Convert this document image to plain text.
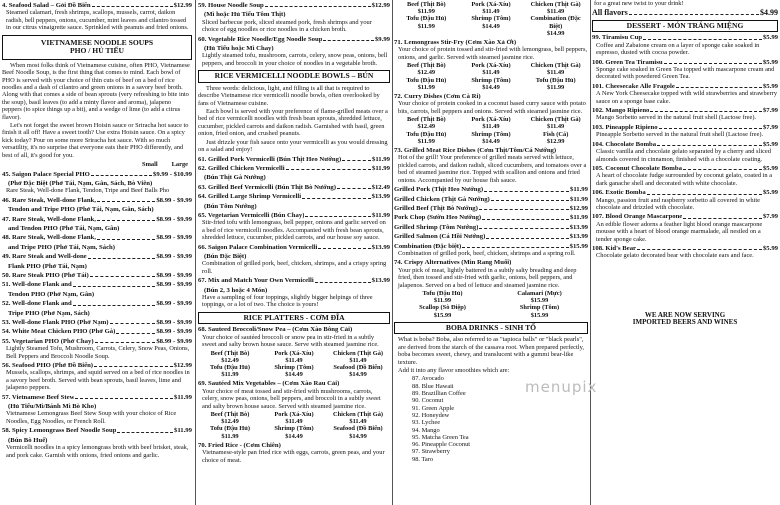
4. Seafood Salad – Gỏi Đồ Biển	$12.99
Steamed calamari, fresh shrimps, scallops, mussels, carrot, daikon radish, bell peppers, onions, cucumber, mint leaves and cilantro tossed in our citrus vinaigrette sauce. Sprinkled with peanuts and fried onions.
VIETNAMESE NOODLE SOUPS
PHO / HỦ TIẾU
When most folks think of Vietnamese cuisine, often PHO, Vietnamese Beef Noodle Soup, is the first thing that comes to mind. Each bowl of PHO is served with your choice of thin cuts of beef on a bed of rice noodles and a dash of cilantro and green onions in a savory beef broth. Along with that comes a side of bean sprouts (very refreshing to bite into the soup), basil leaves (to add a minty flavor and aroma), jalapeno peppers (to spice things up a bit), and a wedge of lime (to add a citrus flavor).
Let's not forget the sweet brown Hoisin sauce or Sriracha hot sauce to finish it all off! Have a sweet tooth? Use extra Hoisin sauce. On a spicy kick today? Pour on some more Sriracha hot sauce. With so much versatility, it's no surprise that everyone eats their PHO differently, and best of all, it's good for you.
Small Large
45. Saigon Palace Special PHO	$9.99 - $10.99
(Phở Đặc Biệt (Phở Tái, Nạm, Gân, Sách, Bò Viên)
Rare Steak, Well-done Flank, Tendon, Tripe and Beef Balls Pho
46. Rare Steak, Well-done Flank,	$8.99 - $9.99
Tendon and Tripe PHO (Phở Tái, Nạm, Gân, Sách)
47. Rare Steak, Well-done Flank,	$8.99 - $9.99
and Tendon PHO (Phở Tái, Nạm, Gân)
48. Rare Steak, Well-done Flank,	$8.99 - $9.99
and Tripe PHO (Phở Tái, Nạm, Sách)
49. Rare Steak and Well-done	$8.99 - $9.99
Flank PHO (Phở Tái, Nạm)
50. Rare Steak PHO (Phở Tái)	$8.99 - $9.99
51. Well-done Flank and	$8.99 - $9.99
Tendon PHO (Phở Nạm, Gân)
52. Well-done Flank and	$8.99 - $9.99
Tripe PHO (Phở Nạm, Sách)
53. Well-done Flank PHO (Phở Nạm)	$8.99 - $9.99
54. White Meat Chicken PHO (Phở Gà)	$8.99 - $9.99
55. Vegetarian PHO (Phở Chay)	$8.99 - $9.99
Lightly Steamed Tofu, Mushroom, Carrots, Celery, Snow Peas, Onions, Bell Peppers and Broccoli Noodle Soup.
56. Seafood PHO (Phở Đồ Biển)	$12.99
Mussels, scallops, shrimps, and squid served on a bed of rice noodles in a savory beef broth. Served with bean sprouts, basil leaves, lime and jalapeno peppers.
57. Vietnamese Beef Stew	$11.99
(Hủ Tiếu/Mì/Bánh Mì Bò Kho)
Vietnamese Lemongrass Beef Stew Soup with your choice of Rice Noodles, Egg Noodles, or French Roll.
58. Spicy Lemongrass Beef Noodle Soup	$11.99
(Bún Bò Huế)
Vermicelli noodles in a spicy lemongrass broth with beef brisket, steak, and pork cake. Garnish with onions, fried onions and garlic.
59. House Noodle Soup	$12.99
(Mì hoặc Hủ Tiếu Tôm Thịt)
Sliced barbecue pork, sliced steamed pork, fresh shrimps and your choice of egg noodles or rice noodles in a chicken broth.
60. Vegetable Rice Noodle/Egg Noodle Soup	$9.99
(Hủ Tiếu hoặc Mì Chay)
Lightly steamed tofu, mushroom, carrots, celery, snow peas, onions, bell peppers, and broccoli in your choice of noodles in a vegetable broth.
RICE VERMICELLI NOODLE BOWLS – BÚN
Three words: delicious, light, and filling is all that is required to describe Vietnamese rice vermicelli noodle bowls, often overlooked by fans of Vietnamese cuisine.
Each bowl is served with your preference of flame-grilled meats over a bed of rice vermicelli noodles with fresh bean sprouts, shredded lettuce, cucumber, pickled carrots and daikon radish. Garnished with basil, green onion, fried onion, and crushed peanuts.
Just drizzle your fish sauce onto your vermicelli as you would dressing on a salad and enjoy!
61. Grilled Pork Vermicelli (Bún Thịt Heo Nướng)	$11.99
62. Grilled Chicken Vermicelli	$11.99
(Bún Thịt Gà Nướng)
63. Grilled Beef Vermicelli (Bún Thịt Bò Nướng)	$12.49
64. Grilled Large Shrimp Vermicelli	$13.99
(Bún Tôm Nướng)
65. Vegetarian Vermicelli (Bún Chay)	$11.99
Stir-fried tofu with lemongrass, bell pepper, onions and garlic served on a bed of rice vermicelli noodles. Accompanied with fresh bean sprouts, shredded lettuce, cucumber, pickled carrots, and our house soy sauce.
66. Saigon Palace Combination Vermicelli	$13.99
(Bún Đặc Biệt)
Combination of grilled pork, beef, chicken, shrimps, and a crispy spring roll.
67. Mix and Match Your Own Vermicelli	$13.99
(Bún 2, 3 hoặc 4 Món)
Have a sampling of four toppings, slightly bigger helpings of three toppings, or a lot of two. The choice is yours!
RICE PLATTERS - CƠM ĐĨA
68. Sauteed Broccoli/Snow Pea – (Cơm Xào Bông Cải)
Your choice of sautéed broccoli or snow pea in stir-fried in a subtly sweet and salty brown house sauce. Serve with steamed jasmine rice.
Beef (Thịt Bò)
$12.49
Pork (Xá-Xíu)
$11.49
Chicken (Thịt Gà)
$11.49
Tofu (Đậu Hủ)
$11.99
Shrimp (Tôm)
$14.49
Seafood (Đồ Biển)
$14.99
69. Sautéed Mix Vegetables – (Cơm Xào Rau Cải)
Your choice of meat tossed and stir-fried with mushrooms, carrots, celery, snow peas, onions, bell peppers, and broccoli in a subtly sweet and salty brown house sauce. Served with steamed jasmine rice.
Beef (Thịt Bò)
$12.49
Pork (Xá-Xíu)
$11.49
Chicken (Thịt Gà)
$11.49
Tofu (Đậu Hủ)
$11.99
Shrimp (Tôm)
$14.49
Seafood (Đồ Biển)
$14.99
70. Fried Rice - (Cơm Chiên)
Vietnamese-style pan fried rice with eggs, carrots, green peas, and your choice of meat.
Beef (Thịt Bò)
$11.99
Pork (Xá-Xíu)
$11.49
Chicken (Thịt Gà)
$11.49
Tofu (Đậu Hủ)
$11.99
Shrimp (Tôm)
$14.49
Combination (Đặc Biệt)
$14.99
71. Lemongrass Stir-Fry (Cơm Xào Xả Ớt)
Your choice of protein tossed and stir-fried with lemongrass, bell peppers, onions, and garlic. Served with steamed jasmine rice.
Beef (Thịt Bò)
$12.49
Pork (Xá-Xíu)
$11.49
Chicken (Thịt Gà)
$11.49
Tofu (Đậu Hủ)
$11.99
Shrimp (Tôm)
$14.49
Tofu (Đậu Hủ)
$11.99
72. Curry Dishes (Cơm Cà Ri)
Your choice of protein cooked in a coconut based curry sauce with potato bits, carrots, bell peppers and onions. Served with steamed jasmine rice.
Beef (Thịt Bò)
$12.49
Pork (Xá-Xíu)
$11.49
Chicken (Thịt Gà)
$11.49
Tofu (Đậu Hủ)
$11.99
Shrimp (Tôm)
$14.49
Fish (Cá)
$12.99
73. Grilled Meat Rice Dishes (Cơm Thịt/Tôm/Cá Nướng)
Hot of the grill! Your preference of grilled meats served with lettuce, pickled carrots, and daikon radish, sliced cucumbers, and tomatoes over a bed of steamed jasmine rice. Topped with scallion and onions and fried onions. Accompanied by our house fish sauce.
Grilled Pork (Thịt Heo Nướng)	$11.99
Grilled Chicken (Thịt Gà Nướng)	$11.99
Grilled Beef (Thịt Bò Nướng)	$12.99
Pork Chop (Sườn Heo Nướng)	$11.99
Grilled Shrimp (Tôm Nướng)	$13.99
Grilled Salmon (Cá Hồi Nướng)	$13.99
Combination (Đặc biệt)	$15.99
Combination of grilled pork, beef, chicken, shrimps and a spring roll.
74. Crispy Alternatives (Mìn Rang Muối)
Your pick of meat, lightly battered in a subtly salty breading and deep fried, then tossed and stir-fried with garlic, onions, bell peppers, and jalapenos. Served on a bed of lettuce and steamed jasmine rice.
Tofu (Đậu Hủ)
$11.99
Calamari (Mực)
$15.99
Scallop (Sò Điệp)
$15.99
Shrimp (Tôm)
$15.99
BOBA DRINKS - SINH TỐ
What is boba? Boba, also referred to as "tapioca balls" or "black pearls", are derived from the starch of the cassava root. When prepared perfectly, boba becomes sweet, chewy, and translucent with a gummi bear-like texture.
Add it into any flavor smoothies which are:
87. Avocado
88. Blue Hawaii
89. Brazillian Coffee
90. Coconut
91. Green Apple
92. Honeydew
93. Lychee
94. Mango
95. Matcha Green Tea
96. Pineapple Coconut
97. Strawberry
98. Taro
for a great new twist to your drink!
All flavors	$4.99
DESSERT - MÓN TRÁNG MIỆNG
99. Tiramisu Cup	$5.99
Coffee and Zabaione cream on a layer of sponge cake soaked in espresso, dusted with cocoa powder.
100. Green Tea Tiramisu	$5.99
Sponge cake soaked in Green Tea topped with mascarpone cream and decorated with powdered Green Tea.
101. Cheesecake Alle Fragole	$5.99
A New York Cheesecake topped with wild strawberries and strawberry sauce on a sponge base cake.
102. Mango Ripieno	$7.99
Mango Sorbetto served in the natural fruit shell (Lactose free).
103. Pineapple Ripieno	$7.99
Pineapple Sorbetto served in the natural fruit shell (Lactose free).
104. Chocolate Bomba	$5.99
Classic vanilla and chocolate gelato separated by a cherry and sliced almonds covered in cinnamon, finished with a chocolate coating.
105. Coconut Chocolate Bomba	$5.99
A heart of chocolate fudge surrounded by coconut gelato, coated in a dark ganache shell and decorated with white chocolate.
106. Exotic Bomba	$5.99
Mango, passion fruit and raspberry sorbetto all covered in white chocolate and drizzled with chocolate.
107. Blood Orange Mascarpone	$7.99
An edible flower adorns a feather light blood orange mascarpone mousse with a heart of blood orange marmalade, all nestled on a tender sponge cake.
108. Kid's Bear	$5.99
Chocolate gelato decorated bear with chocolate ears and face.
WE ARE NOW SERVING
IMPORTED BEERS AND WINES
menupix
